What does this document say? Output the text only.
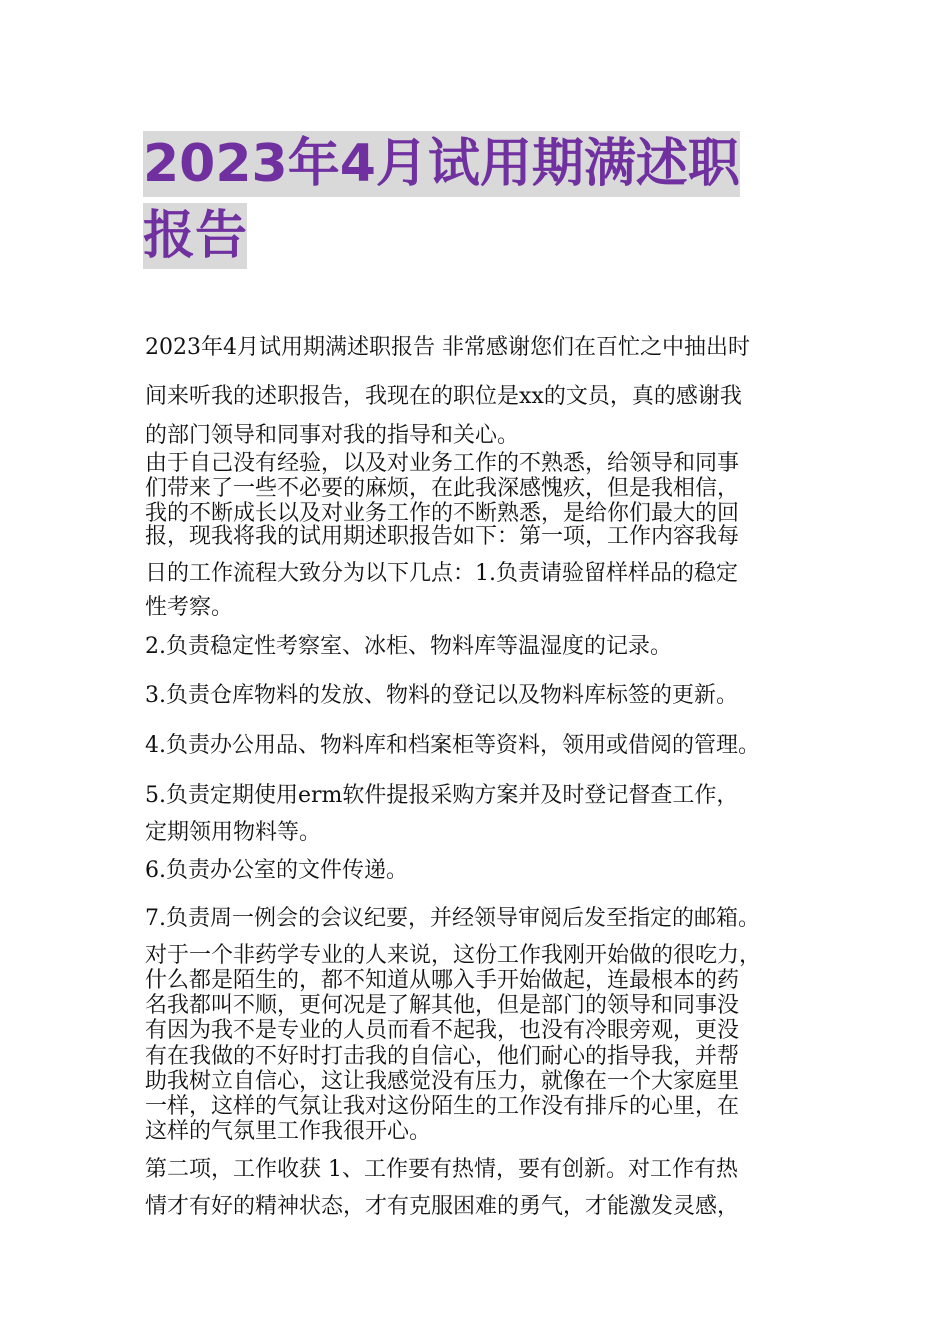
2023年4月试用期满述职
报告
2023年4月试用期满述职报告 非常感谢您们在百忙之中抽出时
间来听我的述职报告，我现在的职位是xx的文员，真的感谢我
的部门领导和同事对我的指导和关心。
由于自己没有经验，以及对业务工作的不熟悉，给领导和同事
们带来了一些不必要的麻烦，在此我深感愧疚，但是我相信，
我的不断成长以及对业务工作的不断熟悉，是给你们最大的回
报，现我将我的试用期述职报告如下：第一项，工作内容我每
日的工作流程大致分为以下几点：1.负责请验留样样品的稳定
性考察。
2.负责稳定性考察室、冰柜、物料库等温湿度的记录。
3.负责仓库物料的发放、物料的登记以及物料库标签的更新。
4.负责办公用品、物料库和档案柜等资料，领用或借阅的管理。
5.负责定期使用erm软件提报采购方案并及时登记督查工作，
定期领用物料等。
6.负责办公室的文件传递。
7.负责周一例会的会议纪要，并经领导审阅后发至指定的邮箱。
对于一个非药学专业的人来说，这份工作我刚开始做的很吃力，
什么都是陌生的，都不知道从哪入手开始做起，连最根本的药
名我都叫不顺，更何况是了解其他，但是部门的领导和同事没
有因为我不是专业的人员而看不起我，也没有冷眼旁观，更没
有在我做的不好时打击我的自信心，他们耐心的指导我，并帮
助我树立自信心，这让我感觉没有压力，就像在一个大家庭里
一样，这样的气氛让我对这份陌生的工作没有排斥的心里，在
这样的气氛里工作我很开心。
第二项，工作收获 1、工作要有热情，要有创新。对工作有热
情才有好的精神状态，才有克服困难的勇气，才能激发灵感，
